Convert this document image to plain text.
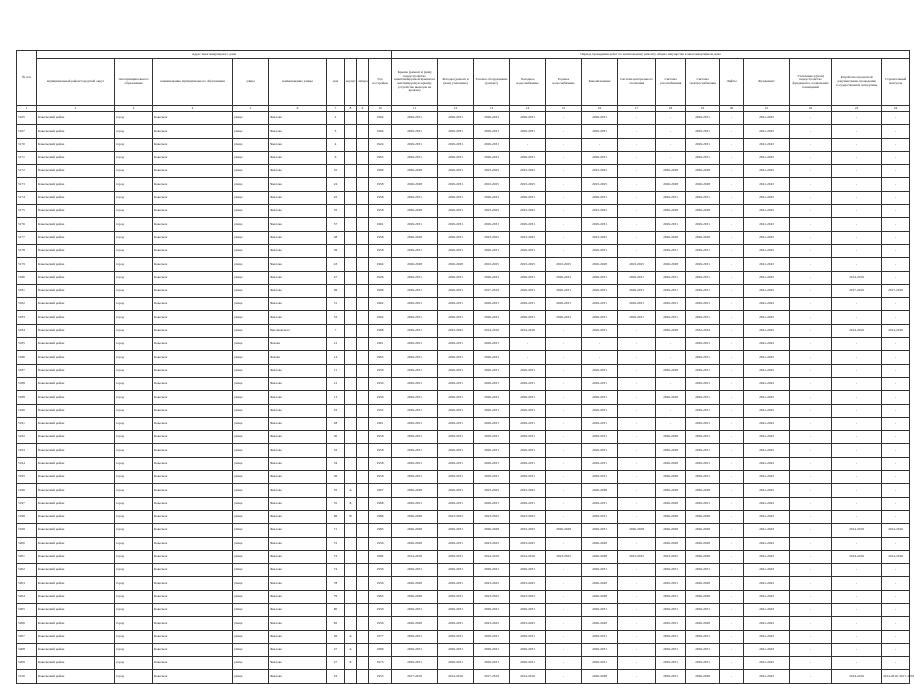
№ п/п	Адрес многоквартирного дома									Период проведения работ по капитальному ремонту общего имущества в многоквартирном доме													
	муниципальный район/городской округ	тип муниципального образования	наименование муниципального образования	улица	наименование улицы	дом	корпус	литера	Год постройки	Крыша (ремонт и (или) переустройство невентилируемой крыши на вентилируемую крышу, устройство выходов на кровлю)	Фасады (ремонт и (или) утепление)	Газовое оборудование (ремонт)	Холодное водоснабжение	Горячее водоснабжение	Канализование	Система центрального отопления	Система газоснабжения	Система электроснабжения	Лифты	Фундамент	Утепление и (или) переустройство фундамента, подвальных помещений	Разработка проектной документации, проведение государственной экспертизы	Строительный контроль
1	2	3	4	5	6	7	8	9	10	11	12	13	14	15	16	17	18	19	20	21	22	23	24
5165	Ковельский район	город	Ковельск	улица	Чкалова	2			1964	2029-2031	2029-2031	2029-2031	2029-2031	-	2029-2031	-	-	2029-2031	-	2041-2043	-	-	-
5167	Ковельский район	город	Ковельск	улица	Чкалова	3			1964	2029-2031	2029-2031	2029-2031	2029-2031	-	2029-2031	-	-	2029-2031	-	2041-2043	-	-	-
5170	Ковельский район	город	Ковельск	улица	Чкалова	4			1924	2029-2031	2029-2031	2029-2031	-	-	-	-	-	2029-2031	-	2041-2043	-	-	-
5171	Ковельский район	город	Ковельск	улица	Чкалова	6			1965	2029-2031	2029-2031	2029-2031	2029-2031	-	2029-2031	-	-	2029-2031	-	2041-2043	-	-	-
5172	Ковельский район	город	Ковельск	улица	Чкалова	10			1990	2026-2028	2029-2031	2023-2025	2023-2025	-	2023-2025	-	2026-2028	2026-2028	-	2041-2043	-	-	-
5173	Ковельский район	город	Ковельск	улица	Чкалова	24			1958	2026-2028	2029-2031	2023-2025	2023-2025	-	2023-2025	-	2026-2028	2026-2028	-	2041-2043	-	-	-
5174	Ковельский район	город	Ковельск	улица	Чкалова	25			1958	2029-2031	2029-2031	2029-2031	2029-2031	-	2029-2031	-	2029-2031	2029-2031	-	2041-2043	-	-	-
5175	Ковельский район	город	Ковельск	улица	Чкалова	35			1958	2026-2028	2029-2031	2023-2025	2023-2025	-	2023-2025	-	2026-2028	2026-2028	-	2041-2043	-	-	-
5176	Ковельский район	город	Ковельск	улица	Чкалова	37			1961	2029-2031	2029-2031	2029-2031	2029-2031	-	2029-2031	-	2029-2031	2029-2031	-	2041-2043	-	-	-
5177	Ковельский район	город	Ковельск	улица	Чкалова	38			1958	2026-2028	2029-2031	2023-2025	2023-2025	-	2023-2025	-	2026-2028	2026-2028	-	2041-2043	-	-	-
5178	Ковельский район	город	Ковельск	улица	Чкалова	39			1958	2029-2031	2029-2031	2029-2031	2029-2031	-	2029-2031	-	2029-2031	2029-2031	-	2041-2043	-	-	-
5179	Ковельский район	город	Ковельск	улица	Чкалова	43			1964	2026-2028	2026-2028	2023-2025	2023-2025	2023-2025	2026-2028	2023-2025	2026-2028	2029-2031	-	2041-2043	-	-	-
5180	Ковельский район	город	Ковельск	улица	Чкалова	47			1926	2029-2031	2029-2031	2029-2031	2029-2031	2029-2031	2029-2031	2029-2031	2029-2031	2029-2031	-	2041-2043	-	2014-2016	-
5181	Ковельский район	город	Ковельск	улица	Чкалова	49			1996	2029-2031	2029-2031	2017-2019	2029-2031	2029-2031	2029-2031	2029-2031	2029-2031	2029-2031	-	2041-2043	-	2017-2019	2017-2019
5182	Ковельский район	город	Ковельск	улица	Чкалова	51			1962	2029-2031	2029-2031	2029-2031	2029-2031	2029-2031	2029-2031	2029-2031	2029-2031	2029-2031	-	2041-2043	-	-	-
5183	Ковельский район	город	Ковельск	улица	Чкалова	53			1962	2029-2031	2029-2031	2029-2031	2029-2031	2029-2031	2029-2031	2029-2031	2029-2031	2029-2031	-	2041-2043	-	-	-
5184	Ковельский район	город	Ковельск	улица	Циолковского	7			1968	2029-2031	2023-2025	2014-2016	2014-2016	-	2029-2031	-	2026-2028	2032-2034	-	2041-2043	-	2014-2016	2014-2016
5185	Ковельский район	город	Ковельск	улица	Чехова	12			1961	2029-2031	2029-2031	2029-2031	-	-	-	-	-	2029-2031	-	2041-2043	-	-	-
5186	Ковельский район	город	Ковельск	улица	Чехова	14			1965	2029-2031	2029-2031	2029-2031	-	-	-	-	-	2029-2031	-	2041-2043	-	-	-
5187	Ковельский район	город	Ковельск	улица	Чкалова	11			1959	2029-2031	2029-2031	2029-2031	2029-2031	-	2029-2031	-	2026-2028	2029-2031	-	2041-2043	-	-	-
5188	Ковельский район	город	Ковельск	улица	Чкалова	12			1959	2029-2031	2029-2031	2029-2031	2029-2031	-	2029-2031	-	-	2029-2031	-	2041-2043	-	-	-
5189	Ковельский район	город	Ковельск	улица	Чкалова	13			1959	2029-2031	2029-2031	2029-2031	2029-2031	-	2029-2031	-	2026-2028	2029-2031	-	2041-2043	-	-	-
5190	Ковельский район	город	Ковельск	улица	Чкалова	22			1952	2029-2031	2029-2031	2029-2031	2029-2031	-	2029-2031	-	-	2029-2031	-	2041-2043	-	-	-
5191	Ковельский район	город	Ковельск	улица	Чкалова	28			1961	2029-2031	2029-2031	2029-2031	2029-2031	-	2029-2031	-	-	2029-2031	-	2041-2043	-	-	-
5192	Ковельский район	город	Ковельск	улица	Чкалова	30			1958	2029-2031	2029-2031	2029-2031	2029-2031	-	2029-2031	-	2026-2028	2029-2031	-	2041-2043	-	-	-
5193	Ковельский район	город	Ковельск	улица	Чкалова	32			1958	2029-2031	2029-2031	2029-2031	2029-2031	-	2029-2031	-	2026-2028	2029-2031	-	2041-2043	-	-	-
5194	Ковельский район	город	Ковельск	улица	Чкалова	34			1958	2029-2031	2029-2031	2029-2031	2029-2031	-	2029-2031	-	2026-2028	2029-2031	-	2041-2043	-	-	-
5195	Ковельский район	город	Ковельск	улица	Чкалова	36			1958	2029-2031	2029-2031	2029-2031	2029-2031	-	2029-2031	-	2026-2028	2029-2031	-	2041-2043	-	-	-
5196	Ковельский район	город	Ковельск	улица	Чкалова	55	А		1967	2026-2028	2029-2031	2023-2025	2023-2025	-	2026-2028	-	2026-2028	2026-2028	-	2041-2043	-	-	-
5197	Ковельский район	город	Ковельск	улица	Чкалова	55	Б		1968	2029-2031	2029-2031	2029-2031	2029-2031	-	2029-2031	-	2026-2028	2029-2031	-	2041-2043	-	-	-
5198	Ковельский район	город	Ковельск	улица	Чкалова	69	В		1986	2026-2028	2023-2025	2023-2025	2023-2025	-	2029-2031	-	2026-2028	2026-2028	-	2041-2043	-	-	-
5199	Ковельский район	город	Ковельск	улица	Чкалова	71			1983	2026-2028	2029-2031	2026-2028	2023-2025	2026-2028	2029-2031	2026-2028	2026-2028	2026-2028	-	2041-2043	-	2014-2016	2014-2016
5200	Ковельский район	город	Ковельск	улица	Чкалова	72			1956	2026-2028	2029-2031	2023-2025	2023-2025	-	2026-2028	-	2026-2028	2026-2028	-	2041-2043	-	-	-
5201	Ковельский район	город	Ковельск	улица	Чкалова	73			1982	2014-2016	2029-2031	2014-2016	2014-2016	2023-2025	2026-2028	2023-2025	2023-2025	2026-2028	-	2041-2043	-	2014-2016	2014-2016
5202	Ковельский район	город	Ковельск	улица	Чкалова	74			1956	2029-2031	2029-2031	2029-2031	2029-2031	-	2029-2031	-	2029-2031	2029-2031	-	2041-2043	-	-	-
5203	Ковельский район	город	Ковельск	улица	Чкалова	78			1956	2026-2028	2029-2031	2023-2025	2023-2025	-	2026-2028	-	2029-2031	2026-2028	-	2041-2043	-	-	-
5204	Ковельский район	город	Ковельск	улица	Чкалова	79			1965	2026-2028	2029-2031	2023-2025	2023-2025	-	2026-2028	-	2029-2031	2026-2028	-	2041-2043	-	-	-
5205	Ковельский район	город	Ковельск	улица	Чкалова	80			1959	2029-2031	2029-2031	2029-2031	2029-2031	-	2029-2031	-	2029-2031	2029-2031	-	2041-2043	-	-	-
5206	Ковельский район	город	Ковельск	улица	Чкалова	82			1956	2026-2028	2029-2031	2023-2025	2023-2025	-	2026-2028	-	2029-2031	2026-2028	-	2041-2043	-	-	-
5207	Ковельский район	город	Ковельск	улица	Чкалова	26	А		1977	2029-2031	2029-2031	2029-2031	2029-2031	-	2029-2031	-	2029-2031	2029-2031	-	2041-2043	-	-	-
5208	Ковельский район	город	Ковельск	улица	Чкалова	27	А		1969	2029-2031	2029-2031	2029-2031	2029-2031	-	2029-2031	-	2029-2031	2029-2031	-	2041-2043	-	-	-
5209	Ковельский район	город	Ковельск	улица	Чкалова	27	Б		1973	2029-2031	2029-2031	2029-2031	2029-2031	-	2029-2031	-	2029-2031	2029-2031	-	2041-2043	-	-	-
5210	Ковельский район	город	Ковельск	улица	Чкалова	53			1953	2017-2019	2014-2016	2017-2019	2014-2016	-	2026-2028	-	2029-2031	2026-2028	-	2041-2043	-	2014-2016	2014-2016, 2017-2019
